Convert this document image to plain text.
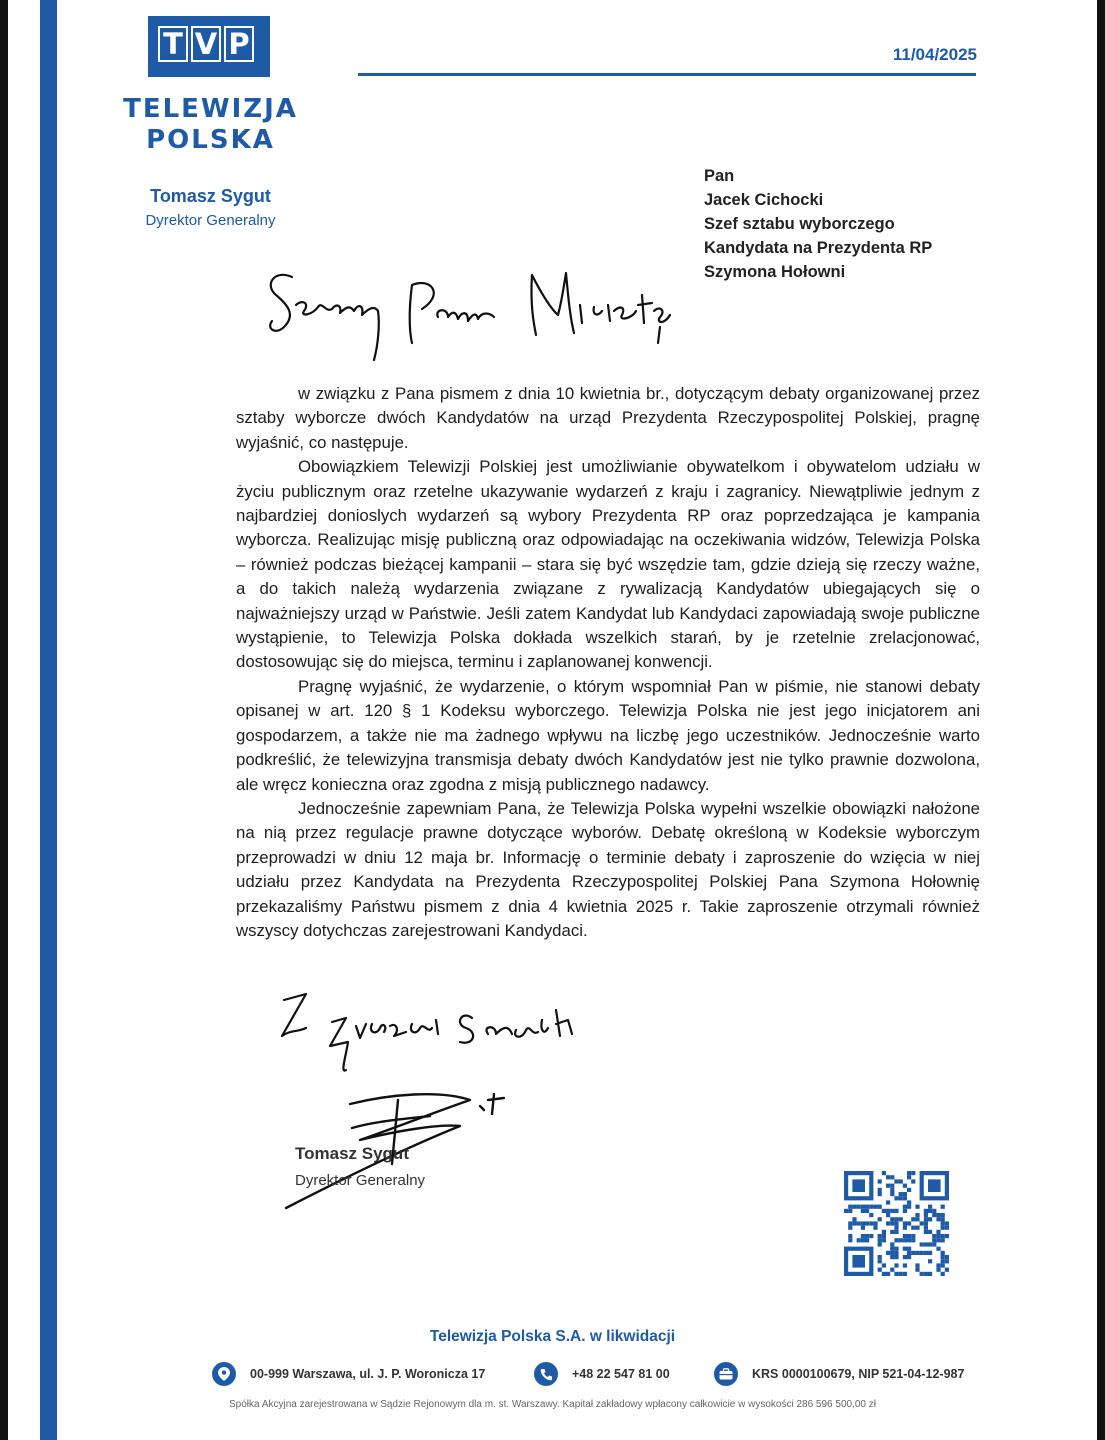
T V P
TELEWIZJA
POLSKA
Tomasz Sygut
Dyrektor Generalny
11/04/2025
Pan
Jacek Cichocki
Szef sztabu wyborczego
Kandydata na Prezydenta RP
Szymona Hołowni

w związku z Pana pismem z dnia 10 kwietnia br., dotyczącym debaty organizowanej przez sztaby wyborcze dwóch Kandydatów na urząd Prezydenta Rzeczypospolitej Polskiej, pragnę wyjaśnić, co następuje.

Obowiązkiem Telewizji Polskiej jest umożliwianie obywatelkom i obywatelom udziału w życiu publicznym oraz rzetelne ukazywanie wydarzeń z kraju i zagranicy. Niewątpliwie jednym z najbardziej donioslych wydarzeń są wybory Prezydenta RP oraz poprzedzająca je kampania wyborcza. Realizując misję publiczną oraz odpowiadając na oczekiwania widzów, Telewizja Polska – również podczas bieżącej kampanii – stara się być wszędzie tam, gdzie dzieją się rzeczy ważne, a do takich należą wydarzenia związane z rywalizacją Kandydatów ubiegających się o najważniejszy urząd w Państwie. Jeśli zatem Kandydat lub Kandydaci zapowiadają swoje publiczne wystąpienie, to Telewizja Polska dokłada wszelkich starań, by je rzetelnie zrelacjonować, dostosowując się do miejsca, terminu i zaplanowanej konwencji.

Pragnę wyjaśnić, że wydarzenie, o którym wspomniał Pan w piśmie, nie stanowi debaty opisanej w art. 120 § 1 Kodeksu wyborczego. Telewizja Polska nie jest jego inicjatorem ani gospodarzem, a także nie ma żadnego wpływu na liczbę jego uczestników. Jednocześnie warto podkreślić, że telewizyjna transmisja debaty dwóch Kandydatów jest nie tylko prawnie dozwolona, ale wręcz konieczna oraz zgodna z misją publicznego nadawcy.

Jednocześnie zapewniam Pana, że Telewizja Polska wypełni wszelkie obowiązki nałożone na nią przez regulacje prawne dotyczące wyborów. Debatę określoną w Kodeksie wyborczym przeprowadzi w dniu 12 maja br. Informację o terminie debaty i zaproszenie do wzięcia w niej udziału przez Kandydata na Prezydenta Rzeczypospolitej Polskiej Pana Szymona Hołownię przekazaliśmy Państwu pismem z dnia 4 kwietnia 2025 r. Takie zaproszenie otrzymali również wszyscy dotychczas zarejestrowani Kandydaci.

Tomasz Sygut
Dyrektor Generalny
Telewizja Polska S.A. w likwidacji
00-999 Warszawa, ul. J. P. Woronicza 17	+48 22 547 81 00	KRS 0000100679, NIP 521-04-12-987
Spółka Akcyjna zarejestrowana w Sądzie Rejonowym dla m. st. Warszawy. Kapitał zakładowy wpłacony całkowicie w wysokości 286 596 500,00 zł
